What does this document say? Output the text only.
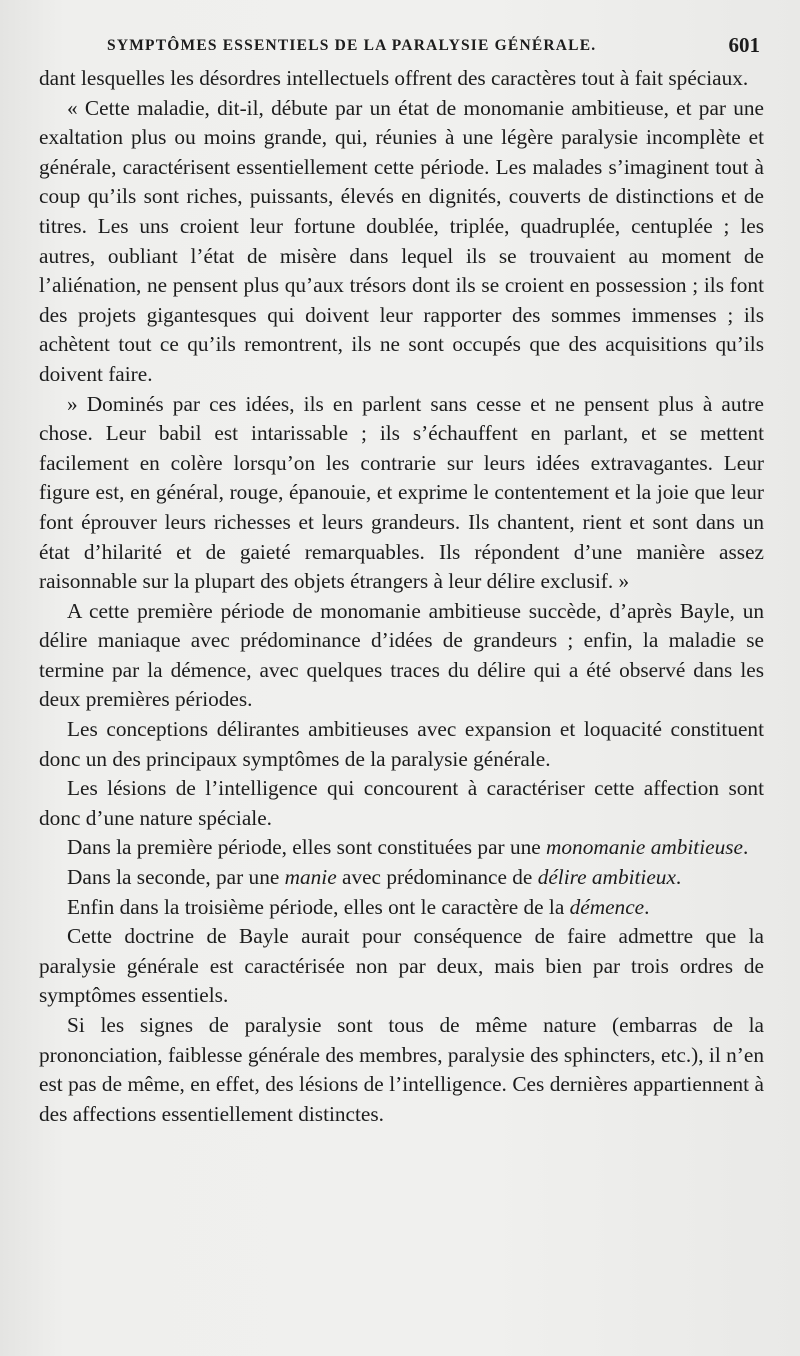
SYMPTÔMES ESSENTIELS DE LA PARALYSIE GÉNÉRALE.	601

dant lesquelles les désordres intellectuels offrent des caractères tout à fait spéciaux.

« Cette maladie, dit-il, débute par un état de monomanie ambitieuse, et par une exaltation plus ou moins grande, qui, réunies à une légère paralysie incomplète et générale, caractérisent essentiellement cette période. Les malades s’imaginent tout à coup qu’ils sont riches, puissants, élevés en dignités, couverts de distinctions et de titres. Les uns croient leur fortune doublée, triplée, quadruplée, centuplée ; les autres, oubliant l’état de misère dans lequel ils se trouvaient au moment de l’aliénation, ne pensent plus qu’aux trésors dont ils se croient en possession ; ils font des projets gigantesques qui doivent leur rapporter des sommes immenses ; ils achètent tout ce qu’ils remontrent, ils ne sont occupés que des acquisitions qu’ils doivent faire.

» Dominés par ces idées, ils en parlent sans cesse et ne pensent plus à autre chose. Leur babil est intarissable ; ils s’échauffent en parlant, et se mettent facilement en colère lorsqu’on les contrarie sur leurs idées extravagantes. Leur figure est, en général, rouge, épanouie, et exprime le contentement et la joie que leur font éprouver leurs richesses et leurs grandeurs. Ils chantent, rient et sont dans un état d’hilarité et de gaieté remarquables. Ils répondent d’une manière assez raisonnable sur la plupart des objets étrangers à leur délire exclusif. »

A cette première période de monomanie ambitieuse succède, d’après Bayle, un délire maniaque avec prédominance d’idées de grandeurs ; enfin, la maladie se termine par la démence, avec quelques traces du délire qui a été observé dans les deux premières périodes.

Les conceptions délirantes ambitieuses avec expansion et loquacité constituent donc un des principaux symptômes de la paralysie générale.

Les lésions de l’intelligence qui concourent à caractériser cette affection sont donc d’une nature spéciale.

Dans la première période, elles sont constituées par une monomanie ambitieuse.

Dans la seconde, par une manie avec prédominance de délire ambitieux.

Enfin dans la troisième période, elles ont le caractère de la démence.

Cette doctrine de Bayle aurait pour conséquence de faire admettre que la paralysie générale est caractérisée non par deux, mais bien par trois ordres de symptômes essentiels.

Si les signes de paralysie sont tous de même nature (embarras de la prononciation, faiblesse générale des membres, paralysie des sphincters, etc.), il n’en est pas de même, en effet, des lésions de l’intelligence. Ces dernières appartiennent à des affections essentiellement distinctes.
